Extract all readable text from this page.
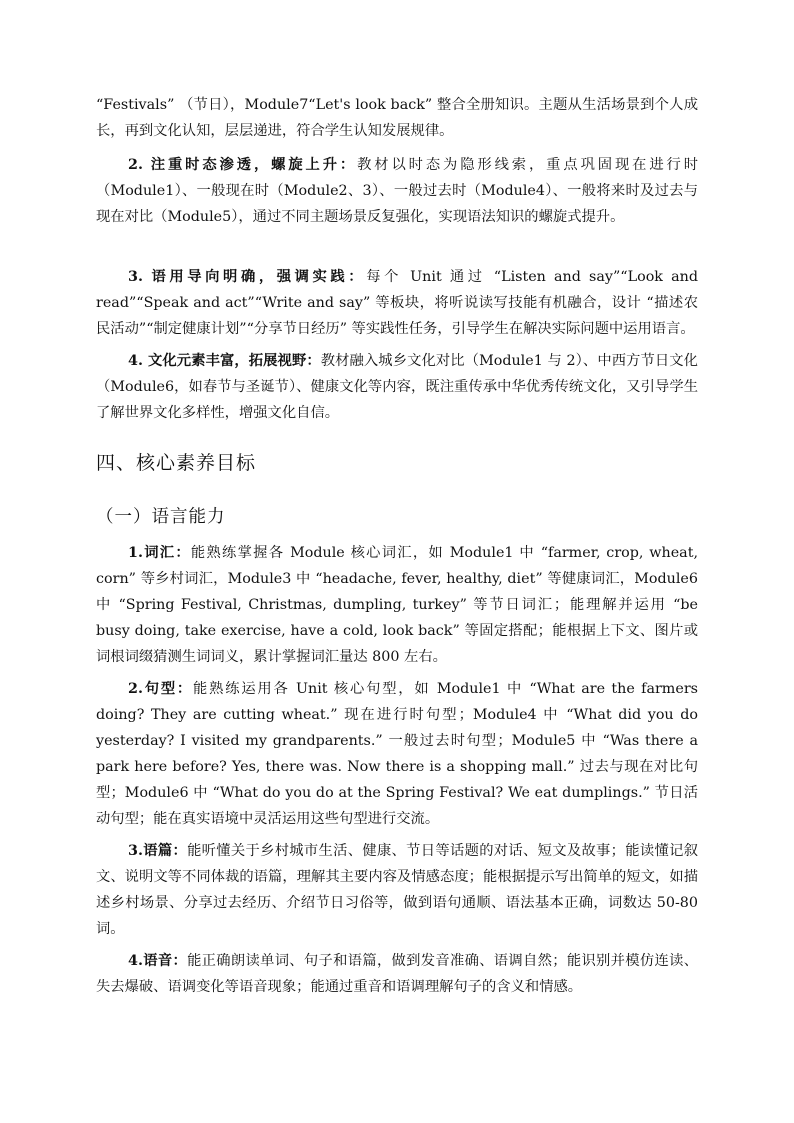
“Festivals” （节日），Module7“Let's look back” 整合全册知识。主题从生活场景到个人成长，再到文化认知，层层递进，符合学生认知发展规律。

2. 注重时态渗透，螺旋上升：教材以时态为隐形线索，重点巩固现在进行时（Module1）、一般现在时（Module2、3）、一般过去时（Module4）、一般将来时及过去与现在对比（Module5），通过不同主题场景反复强化，实现语法知识的螺旋式提升。

3. 语用导向明确，强调实践：每个 Unit 通过 “Listen and say”“Look and read”“Speak and act”“Write and say” 等板块，将听说读写技能有机融合，设计 “描述农民活动”“制定健康计划”“分享节日经历” 等实践性任务，引导学生在解决实际问题中运用语言。

4. 文化元素丰富，拓展视野：教材融入城乡文化对比（Module1 与 2）、中西方节日文化（Module6，如春节与圣诞节）、健康文化等内容，既注重传承中华优秀传统文化，又引导学生了解世界文化多样性，增强文化自信。

四、核心素养目标
（一）语言能力

1.词汇：能熟练掌握各 Module 核心词汇，如 Module1 中 “farmer, crop, wheat, corn” 等乡村词汇，Module3 中 “headache, fever, healthy, diet” 等健康词汇，Module6 中 “Spring Festival, Christmas, dumpling, turkey” 等节日词汇；能理解并运用 “be busy doing, take exercise, have a cold, look back” 等固定搭配；能根据上下文、图片或词根词缀猜测生词词义，累计掌握词汇量达 800 左右。

2.句型：能熟练运用各 Unit 核心句型，如 Module1 中 “What are the farmers doing? They are cutting wheat.” 现在进行时句型；Module4 中 “What did you do yesterday? I visited my grandparents.” 一般过去时句型；Module5 中 “Was there a park here before? Yes, there was. Now there is a shopping mall.” 过去与现在对比句型；Module6 中 “What do you do at the Spring Festival? We eat dumplings.” 节日活动句型；能在真实语境中灵活运用这些句型进行交流。

3.语篇：能听懂关于乡村城市生活、健康、节日等话题的对话、短文及故事；能读懂记叙文、说明文等不同体裁的语篇，理解其主要内容及情感态度；能根据提示写出简单的短文，如描述乡村场景、分享过去经历、介绍节日习俗等，做到语句通顺、语法基本正确，词数达 50-80 词。

4.语音：能正确朗读单词、句子和语篇，做到发音准确、语调自然；能识别并模仿连读、失去爆破、语调变化等语音现象；能通过重音和语调理解句子的含义和情感。
